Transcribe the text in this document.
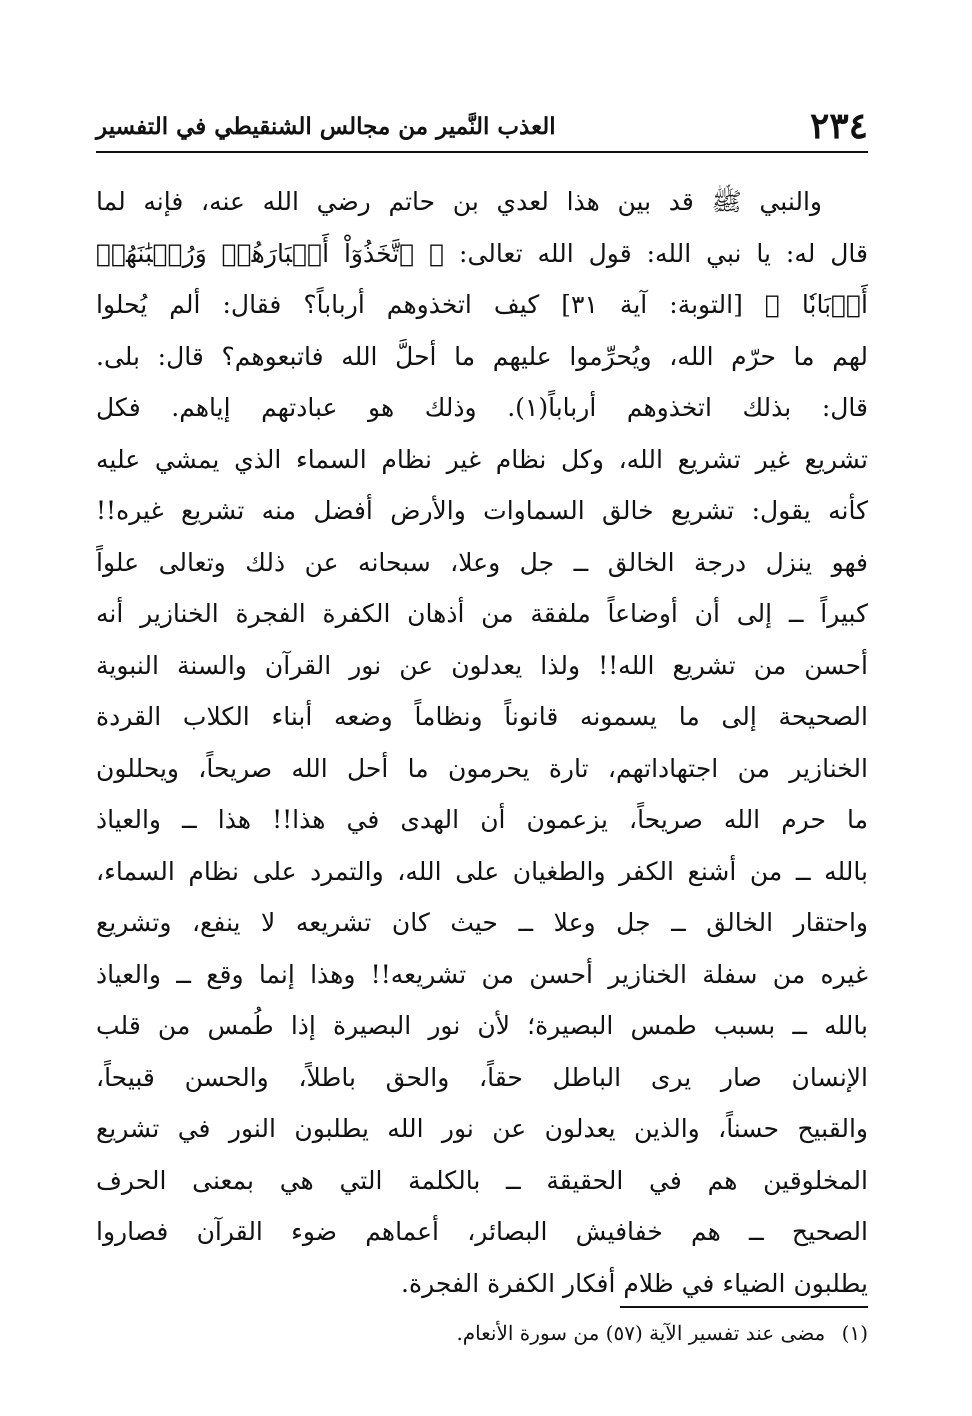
٢٣٤
العذب النَّمير من مجالس الشنقيطي في التفسير
والنبي ﷺ قد بين هذا لعدي بن حاتم رضي الله عنه، فإنه لما
قال له: يا نبي الله: قول الله تعالى: ﴿ ٱتَّخَذُوٓاْ أَحۡبَارَهُمۡ وَرُهۡبَٰنَهُمۡ
أَرۡبَابٗا ﴾ [التوبة: آية ٣١] كيف اتخذوهم أرباباً؟ فقال: ألم يُحلوا
لهم ما حرّم الله، ويُحرِّموا عليهم ما أحلَّ الله فاتبعوهم؟ قال: بلى.
قال: بذلك اتخذوهم أرباباً(١). وذلك هو عبادتهم إياهم. فكل
تشريع غير تشريع الله، وكل نظام غير نظام السماء الذي يمشي عليه
كأنه يقول: تشريع خالق السماوات والأرض أفضل منه تشريع غيره!!
فهو ينزل درجة الخالق ــ جل وعلا، سبحانه عن ذلك وتعالى علواً
كبيراً ــ إلى أن أوضاعاً ملفقة من أذهان الكفرة الفجرة الخنازير أنه
أحسن من تشريع الله!! ولذا يعدلون عن نور القرآن والسنة النبوية
الصحيحة إلى ما يسمونه قانوناً ونظاماً وضعه أبناء الكلاب القردة
الخنازير من اجتهاداتهم، تارة يحرمون ما أحل الله صريحاً، ويحللون
ما حرم الله صريحاً، يزعمون أن الهدى في هذا!! هذا ــ والعياذ
بالله ــ من أشنع الكفر والطغيان على الله، والتمرد على نظام السماء،
واحتقار الخالق ــ جل وعلا ــ حيث كان تشريعه لا ينفع، وتشريع
غيره من سفلة الخنازير أحسن من تشريعه!! وهذا إنما وقع ــ والعياذ
بالله ــ بسبب طمس البصيرة؛ لأن نور البصيرة إذا طُمس من قلب
الإنسان صار يرى الباطل حقاً، والحق باطلاً، والحسن قبيحاً،
والقبيح حسناً، والذين يعدلون عن نور الله يطلبون النور في تشريع
المخلوقين هم في الحقيقة ــ بالكلمة التي هي بمعنى الحرف
الصحيح ــ هم خفافيش البصائر، أعماهم ضوء القرآن فصاروا
يطلبون الضياء في ظلام أفكار الكفرة الفجرة.
(١) مضى عند تفسير الآية (٥٧) من سورة الأنعام.
